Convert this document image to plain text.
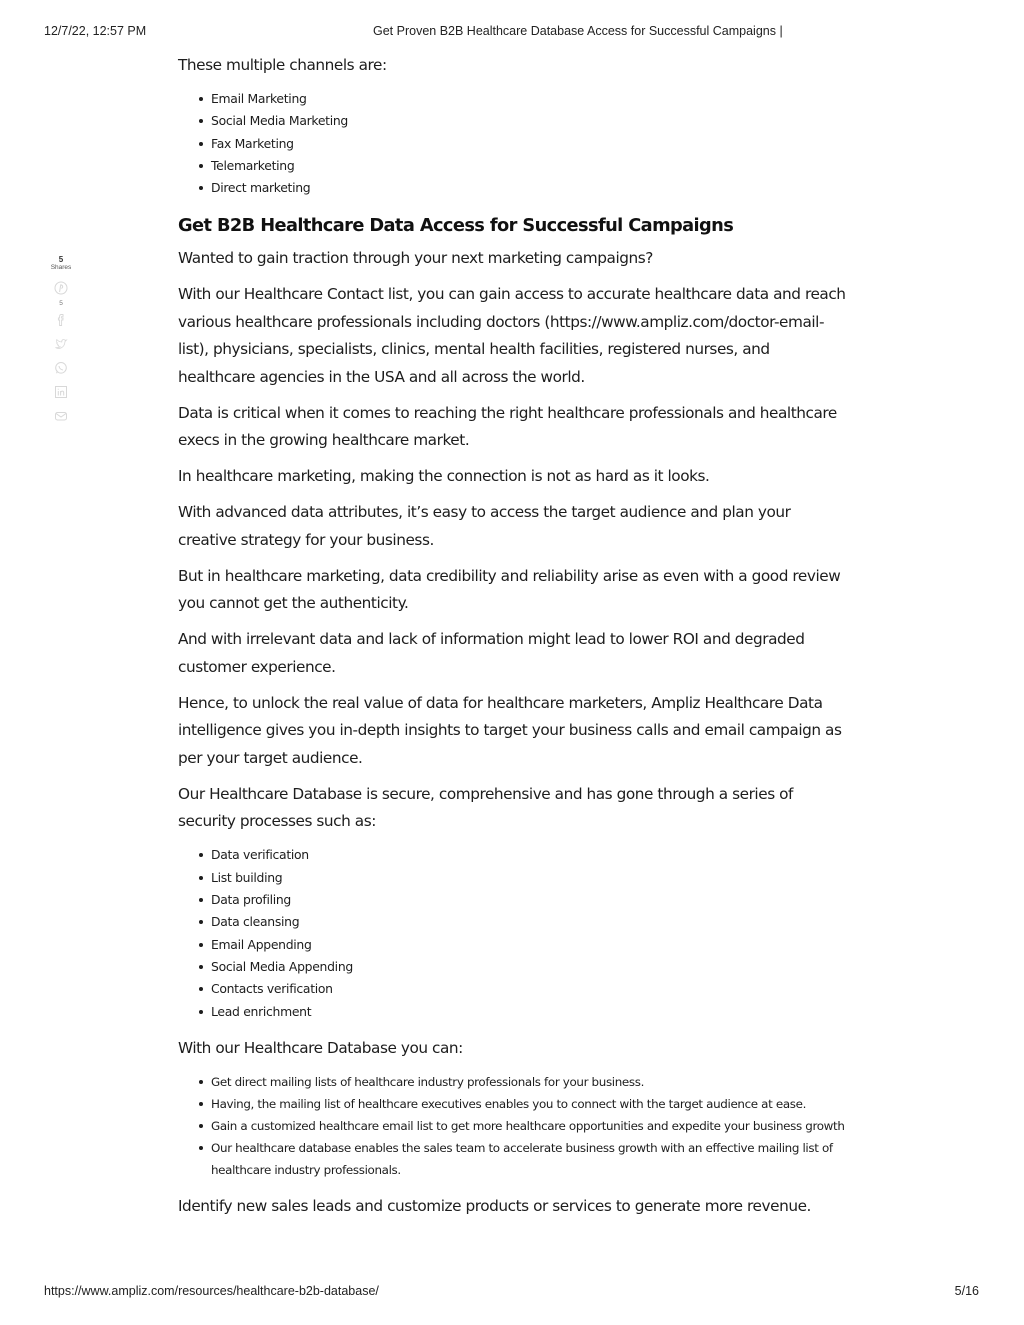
12/7/22, 12:57 PM	Get Proven B2B Healthcare Database Access for Successful Campaigns |
5
Shares
5

These multiple channels are:

Email Marketing
Social Media Marketing
Fax Marketing
Telemarketing
Direct marketing
Get B2B Healthcare Data Access for Successful Campaigns

Wanted to gain traction through your next marketing campaigns?

With our Healthcare Contact list, you can gain access to accurate healthcare data and reach various healthcare professionals including doctors (https://www.ampliz.com/doctor-email-list), physicians, specialists, clinics, mental health facilities, registered nurses, and healthcare agencies in the USA and all across the world.

Data is critical when it comes to reaching the right healthcare professionals and healthcare execs in the growing healthcare market.

In healthcare marketing, making the connection is not as hard as it looks.

With advanced data attributes, it’s easy to access the target audience and plan your creative strategy for your business.

But in healthcare marketing, data credibility and reliability arise as even with a good review you cannot get the authenticity.

And with irrelevant data and lack of information might lead to lower ROI and degraded customer experience.

Hence, to unlock the real value of data for healthcare marketers, Ampliz Healthcare Data intelligence gives you in-depth insights to target your business calls and email campaign as per your target audience.

Our Healthcare Database is secure, comprehensive and has gone through a series of security processes such as:

Data verification
List building
Data profiling
Data cleansing
Email Appending
Social Media Appending
Contacts verification
Lead enrichment

With our Healthcare Database you can:

Get direct mailing lists of healthcare industry professionals for your business.
Having, the mailing list of healthcare executives enables you to connect with the target audience at ease.
Gain a customized healthcare email list to get more healthcare opportunities and expedite your business growth
Our healthcare database enables the sales team to accelerate business growth with an effective mailing list of healthcare industry professionals.

Identify new sales leads and customize products or services to generate more revenue.

https://www.ampliz.com/resources/healthcare-b2b-database/	5/16
